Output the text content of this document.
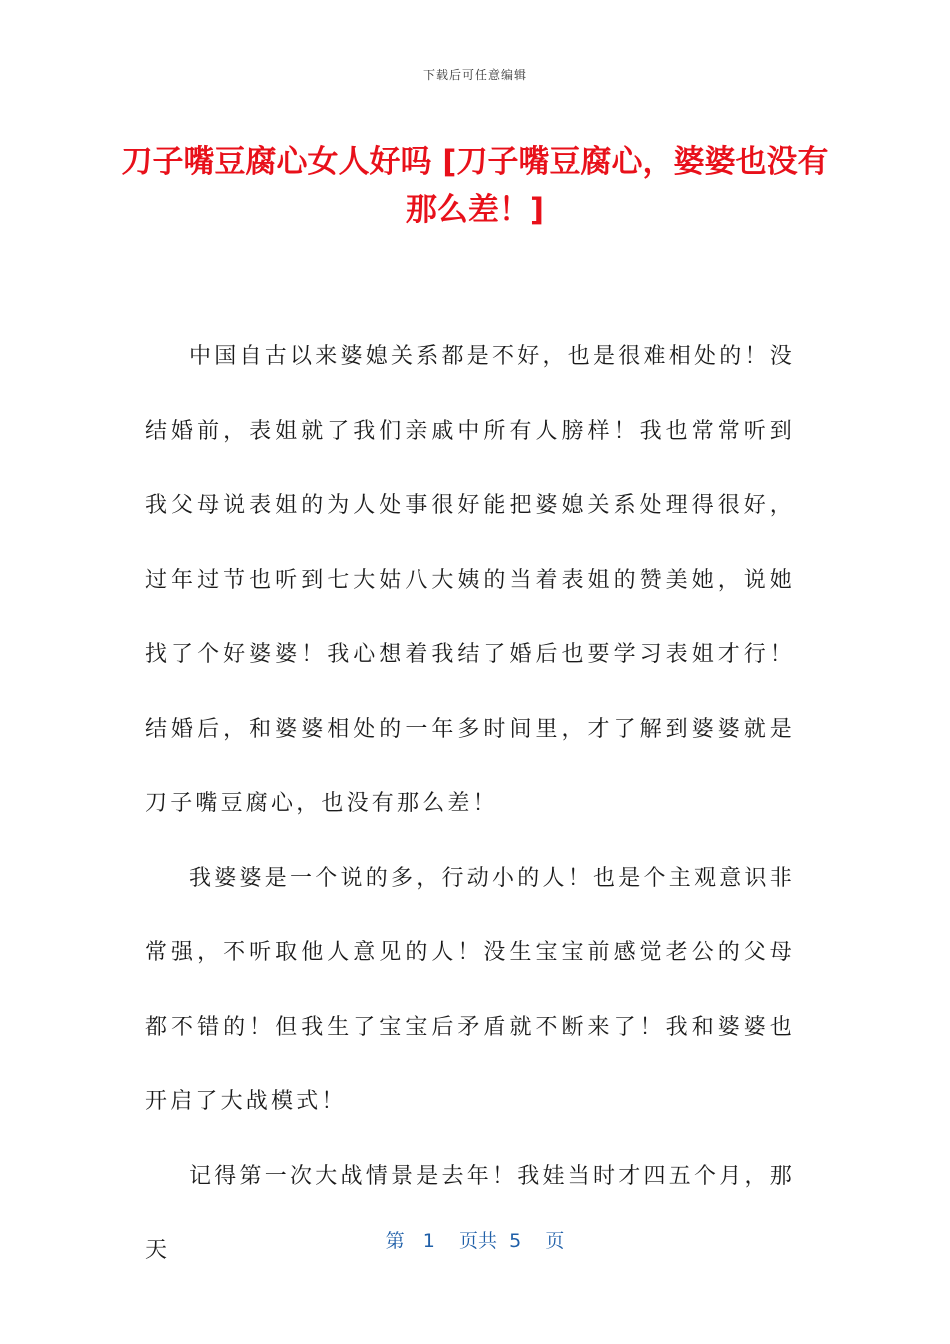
下载后可任意编辑
刀子嘴豆腐心女人好吗 [刀子嘴豆腐心，婆婆也没有那么差！]

中国自古以来婆媳关系都是不好，也是很难相处的！没结婚前，表姐就了我们亲戚中所有人膀样！我也常常听到我父母说表姐的为人处事很好能把婆媳关系处理得很好，过年过节也听到七大姑八大姨的当着表姐的赞美她，说她找了个好婆婆！我心想着我结了婚后也要学习表姐才行！结婚后，和婆婆相处的一年多时间里，才了解到婆婆就是刀子嘴豆腐心，也没有那么差！

我婆婆是一个说的多，行动小的人！也是个主观意识非常强，不听取他人意见的人！没生宝宝前感觉老公的父母都不错的！但我生了宝宝后矛盾就不断来了！我和婆婆也开启了大战模式！

记得第一次大战情景是去年！我娃当时才四五个月，那天	第 1 页共 5 页
